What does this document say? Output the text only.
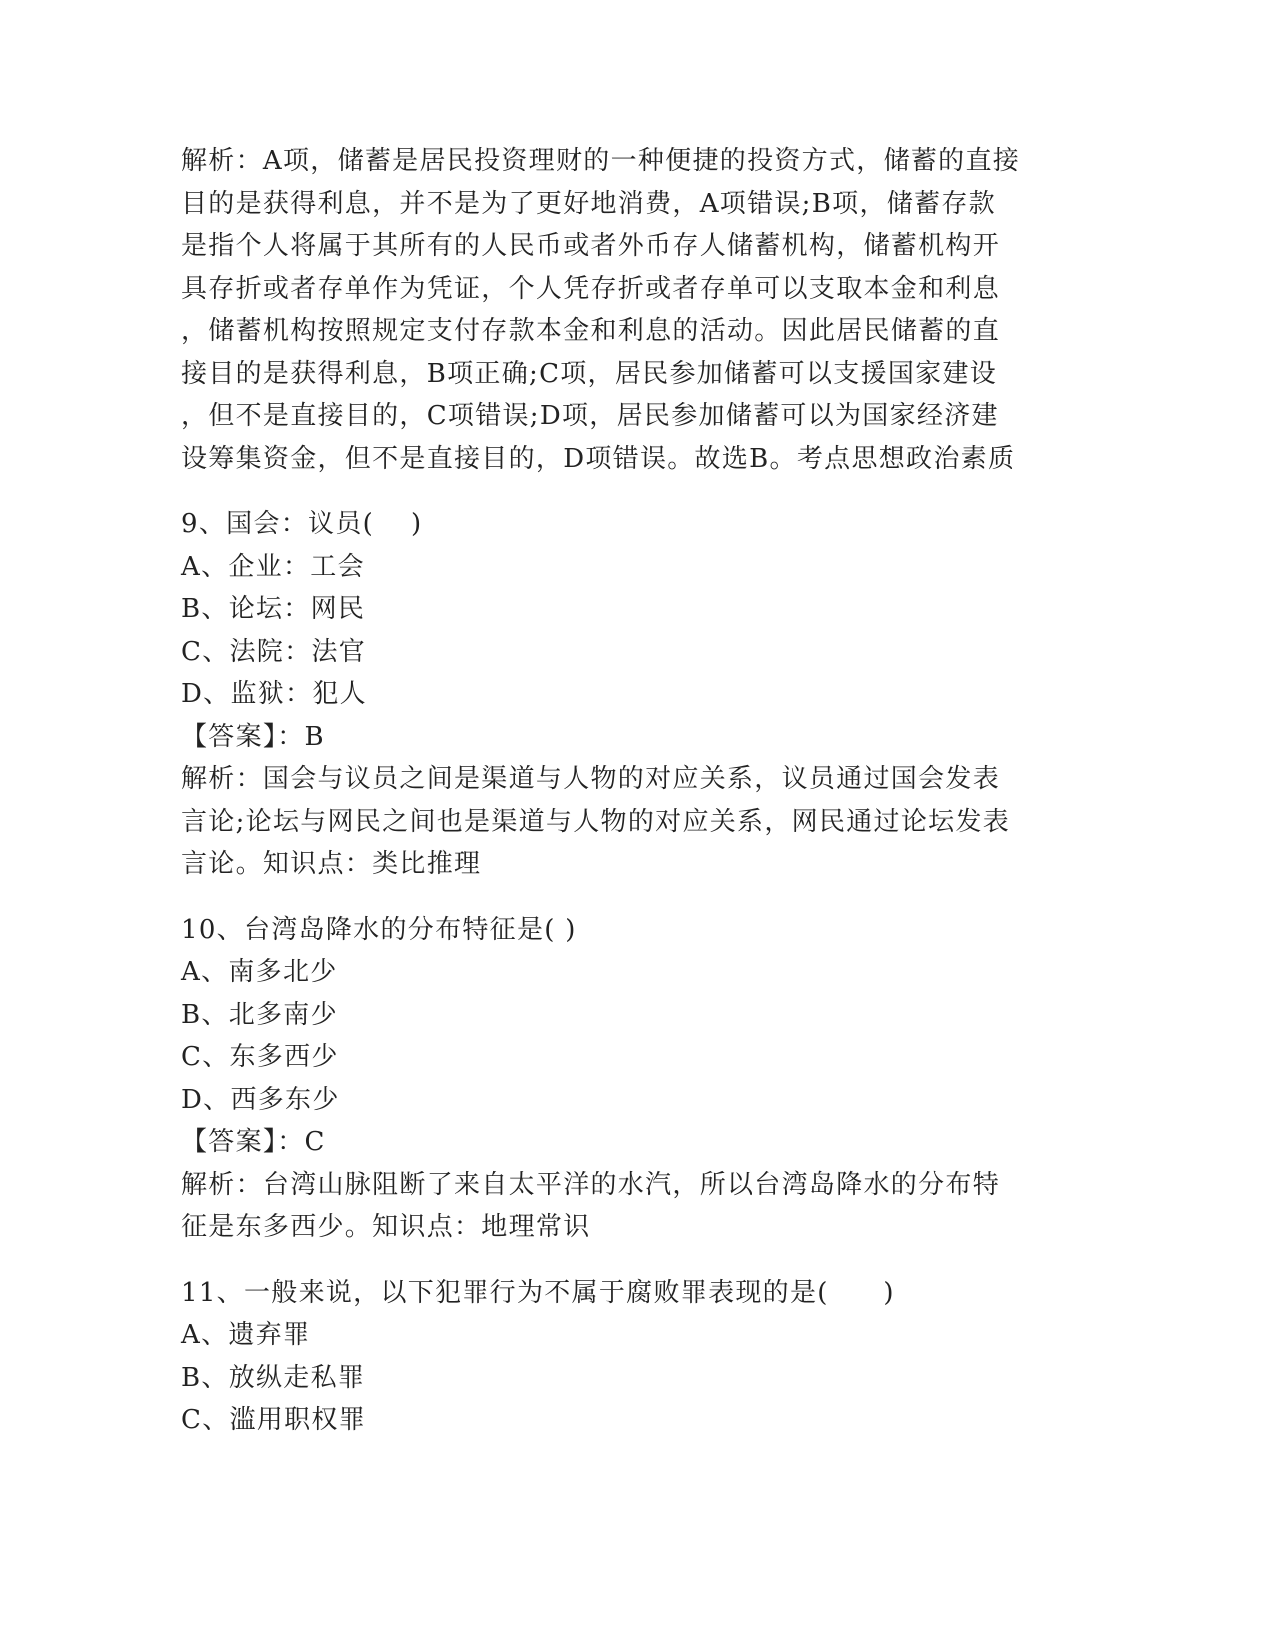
解析：A项，储蓄是居民投资理财的一种便捷的投资方式，储蓄的直接
目的是获得利息，并不是为了更好地消费，A项错误;B项，储蓄存款
是指个人将属于其所有的人民币或者外币存人储蓄机构，储蓄机构开
具存折或者存单作为凭证，个人凭存折或者存单可以支取本金和利息
，储蓄机构按照规定支付存款本金和利息的活动。因此居民储蓄的直
接目的是获得利息，B项正确;C项，居民参加储蓄可以支援国家建设
，但不是直接目的，C项错误;D项，居民参加储蓄可以为国家经济建
设筹集资金，但不是直接目的，D项错误。故选B。考点思想政治素质
9、国会：议员(　 )
A、企业：工会
B、论坛：网民
C、法院：法官
D、监狱：犯人
【答案】：B
解析：国会与议员之间是渠道与人物的对应关系，议员通过国会发表
言论;论坛与网民之间也是渠道与人物的对应关系，网民通过论坛发表
言论。知识点：类比推理
10、台湾岛降水的分布特征是( )
A、南多北少
B、北多南少
C、东多西少
D、西多东少
【答案】：C
解析：台湾山脉阻断了来自太平洋的水汽，所以台湾岛降水的分布特
征是东多西少。知识点：地理常识
11、一般来说，以下犯罪行为不属于腐败罪表现的是(　　)
A、遗弃罪
B、放纵走私罪
C、滥用职权罪
